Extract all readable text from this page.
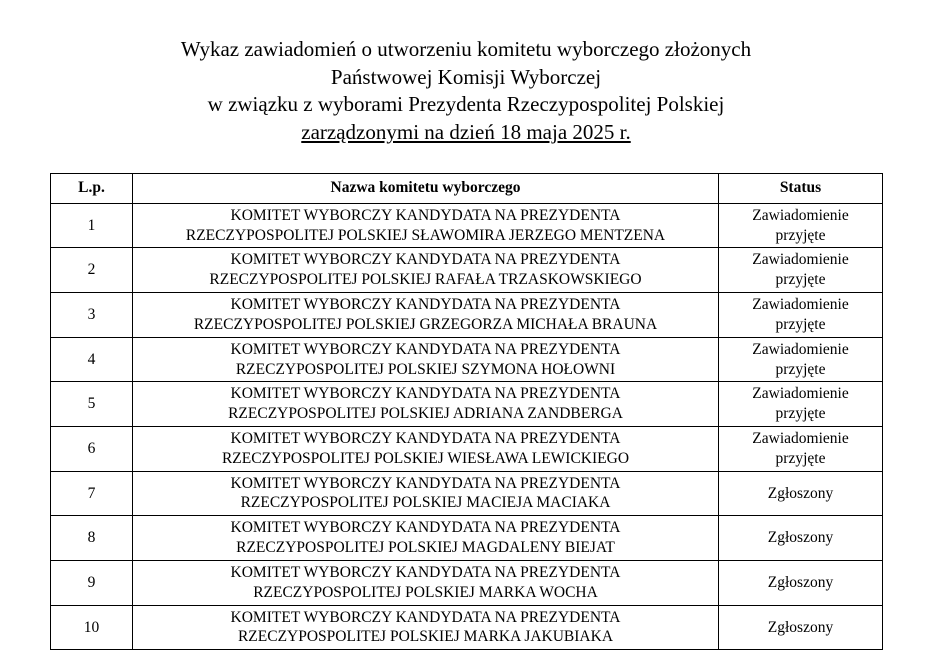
Wykaz zawiadomień o utworzeniu komitetu wyborczego złożonych
Państwowej Komisji Wyborczej
w związku z wyborami Prezydenta Rzeczypospolitej Polskiej
zarządzonymi na dzień 18 maja 2025 r.
L.p.	Nazwa komitetu wyborczego	Status
1	KOMITET WYBORCZY KANDYDATA NA PREZYDENTA
RZECZYPOSPOLITEJ POLSKIEJ SŁAWOMIRA JERZEGO MENTZENA	Zawiadomienie
przyjęte

2	KOMITET WYBORCZY KANDYDATA NA PREZYDENTA
RZECZYPOSPOLITEJ POLSKIEJ RAFAŁA TRZASKOWSKIEGO	Zawiadomienie
przyjęte

3	KOMITET WYBORCZY KANDYDATA NA PREZYDENTA
RZECZYPOSPOLITEJ POLSKIEJ GRZEGORZA MICHAŁA BRAUNA	Zawiadomienie
przyjęte

4	KOMITET WYBORCZY KANDYDATA NA PREZYDENTA
RZECZYPOSPOLITEJ POLSKIEJ SZYMONA HOŁOWNI	Zawiadomienie
przyjęte

5	KOMITET WYBORCZY KANDYDATA NA PREZYDENTA
RZECZYPOSPOLITEJ POLSKIEJ ADRIANA ZANDBERGA	Zawiadomienie
przyjęte

6	KOMITET WYBORCZY KANDYDATA NA PREZYDENTA
RZECZYPOSPOLITEJ POLSKIEJ WIESŁAWA LEWICKIEGO	Zawiadomienie
przyjęte

7	KOMITET WYBORCZY KANDYDATA NA PREZYDENTA
RZECZYPOSPOLITEJ POLSKIEJ MACIEJA MACIAKA	Zgłoszony

8	KOMITET WYBORCZY KANDYDATA NA PREZYDENTA
RZECZYPOSPOLITEJ POLSKIEJ MAGDALENY BIEJAT	Zgłoszony

9	KOMITET WYBORCZY KANDYDATA NA PREZYDENTA
RZECZYPOSPOLITEJ POLSKIEJ MARKA WOCHA	Zgłoszony

10	KOMITET WYBORCZY KANDYDATA NA PREZYDENTA
RZECZYPOSPOLITEJ POLSKIEJ MARKA JAKUBIAKA	Zgłoszony
